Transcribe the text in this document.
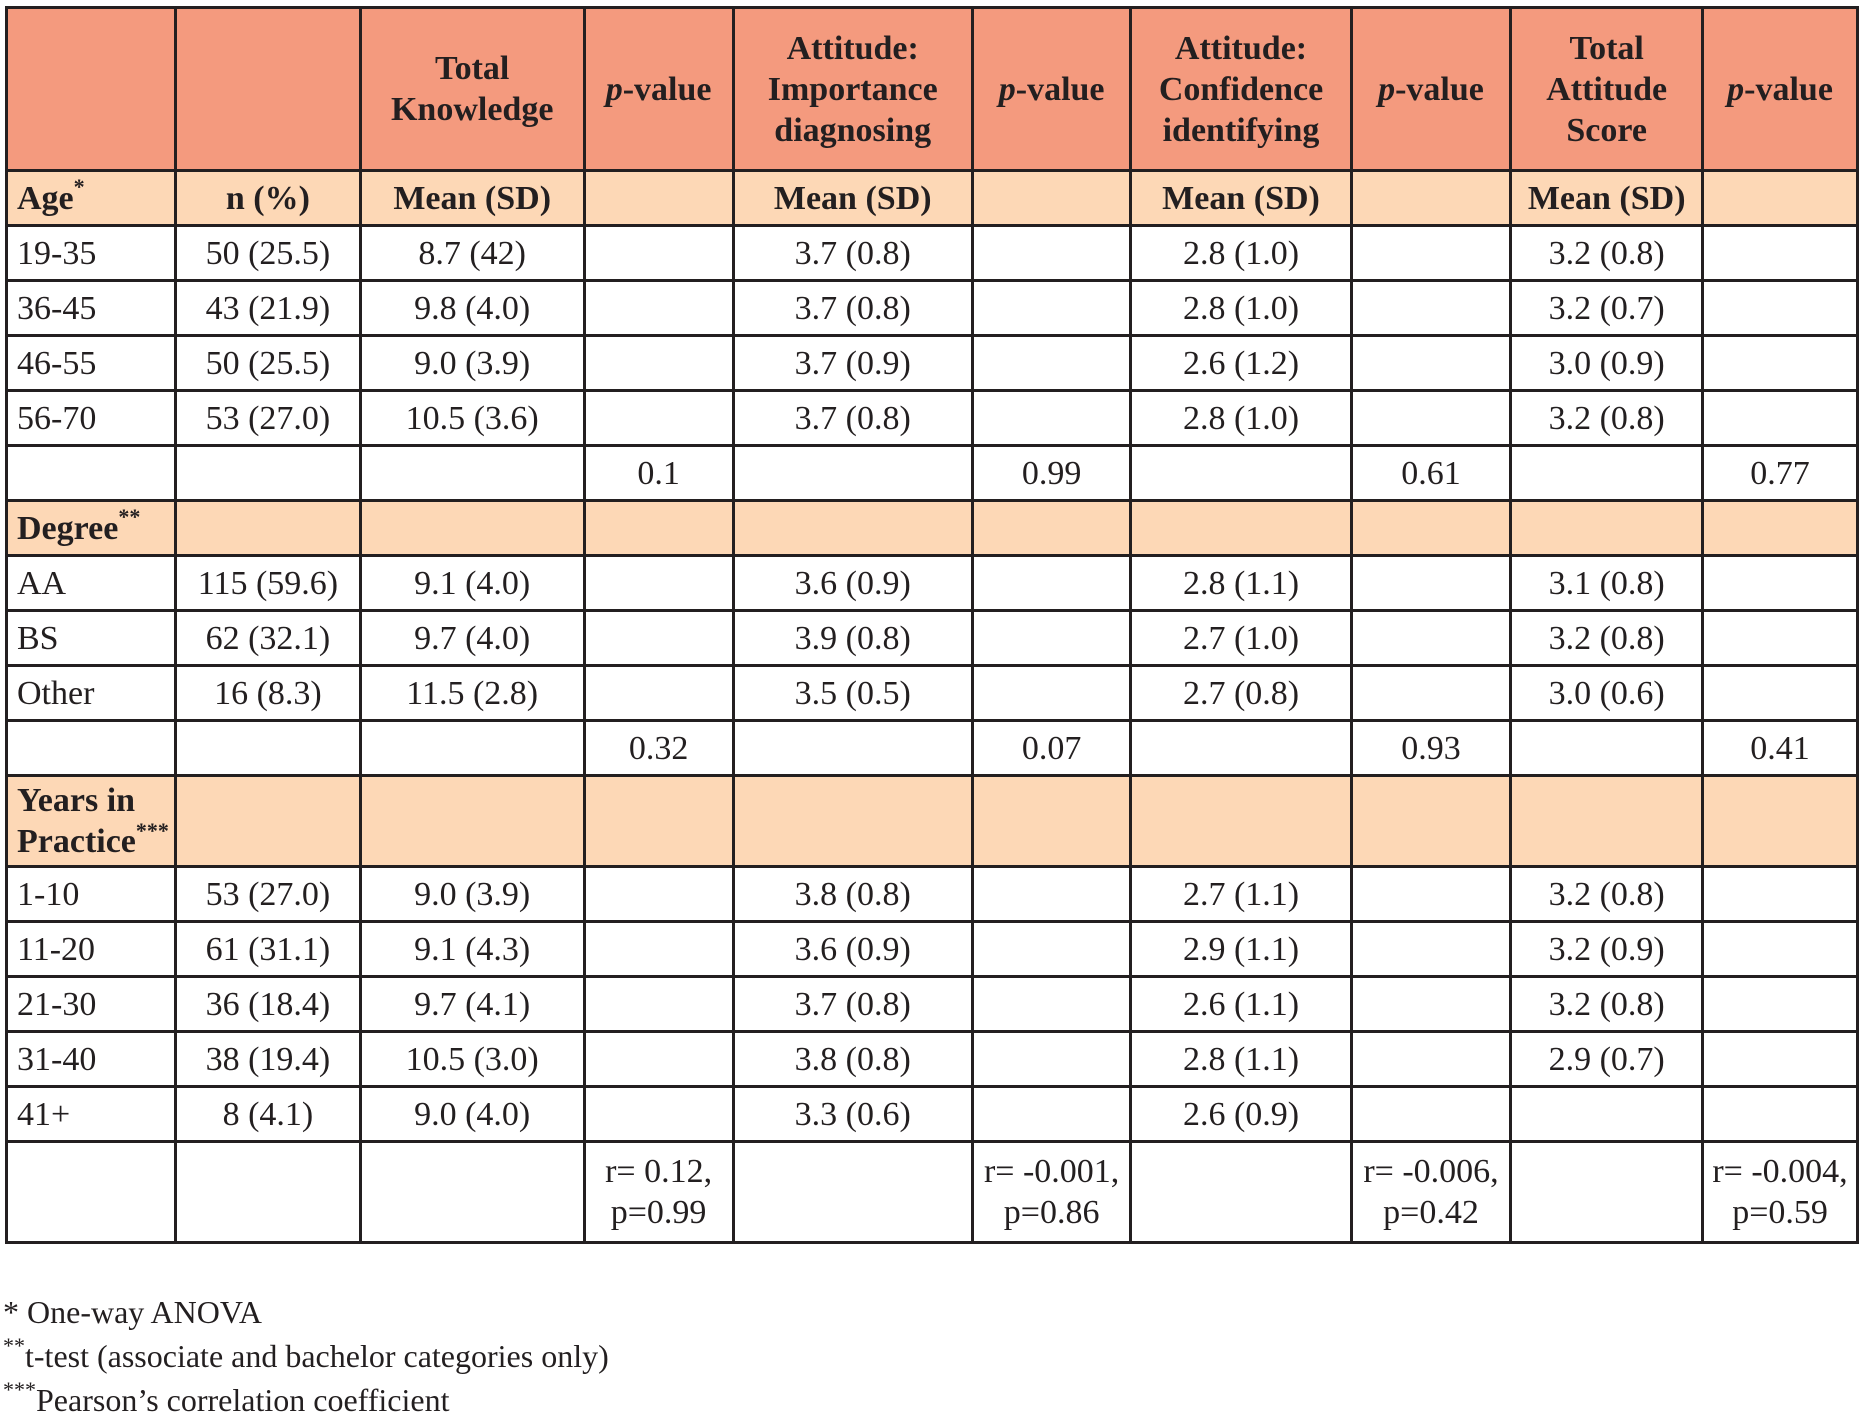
		Total Knowledge	p-value	Attitude: Importance diagnosing	p-value	Attitude: Confidence identifying	p-value	Total Attitude Score	p-value
Age*	n (%)	Mean (SD)		Mean (SD)		Mean (SD)		Mean (SD)	
19-35	50 (25.5)	8.7 (42)		3.7 (0.8)		2.8 (1.0)		3.2 (0.8)	
36-45	43 (21.9)	9.8 (4.0)		3.7 (0.8)		2.8 (1.0)		3.2 (0.7)	
46-55	50 (25.5)	9.0 (3.9)		3.7 (0.9)		2.6 (1.2)		3.0 (0.9)	
56-70	53 (27.0)	10.5 (3.6)		3.7 (0.8)		2.8 (1.0)		3.2 (0.8)	
			0.1		0.99		0.61		0.77
Degree**									
AA	115 (59.6)	9.1 (4.0)		3.6 (0.9)		2.8 (1.1)		3.1 (0.8)	
BS	62 (32.1)	9.7 (4.0)		3.9 (0.8)		2.7 (1.0)		3.2 (0.8)	
Other	16 (8.3)	11.5 (2.8)		3.5 (0.5)		2.7 (0.8)		3.0 (0.6)	
			0.32		0.07		0.93		0.41
Years in Practice***									
1-10	53 (27.0)	9.0 (3.9)		3.8 (0.8)		2.7 (1.1)		3.2 (0.8)	
11-20	61 (31.1)	9.1 (4.3)		3.6 (0.9)		2.9 (1.1)		3.2 (0.9)	
21-30	36 (18.4)	9.7 (4.1)		3.7 (0.8)		2.6 (1.1)		3.2 (0.8)	
31-40	38 (19.4)	10.5 (3.0)		3.8 (0.8)		2.8 (1.1)		2.9 (0.7)	
41+	8 (4.1)	9.0 (4.0)		3.3 (0.6)		2.6 (0.9)			
			r= 0.12, p=0.99		r= -0.001, p=0.86		r= -0.006, p=0.42		r= -0.004, p=0.59
* One-way ANOVA
**t-test (associate and bachelor categories only)
***Pearson’s correlation coefficient
